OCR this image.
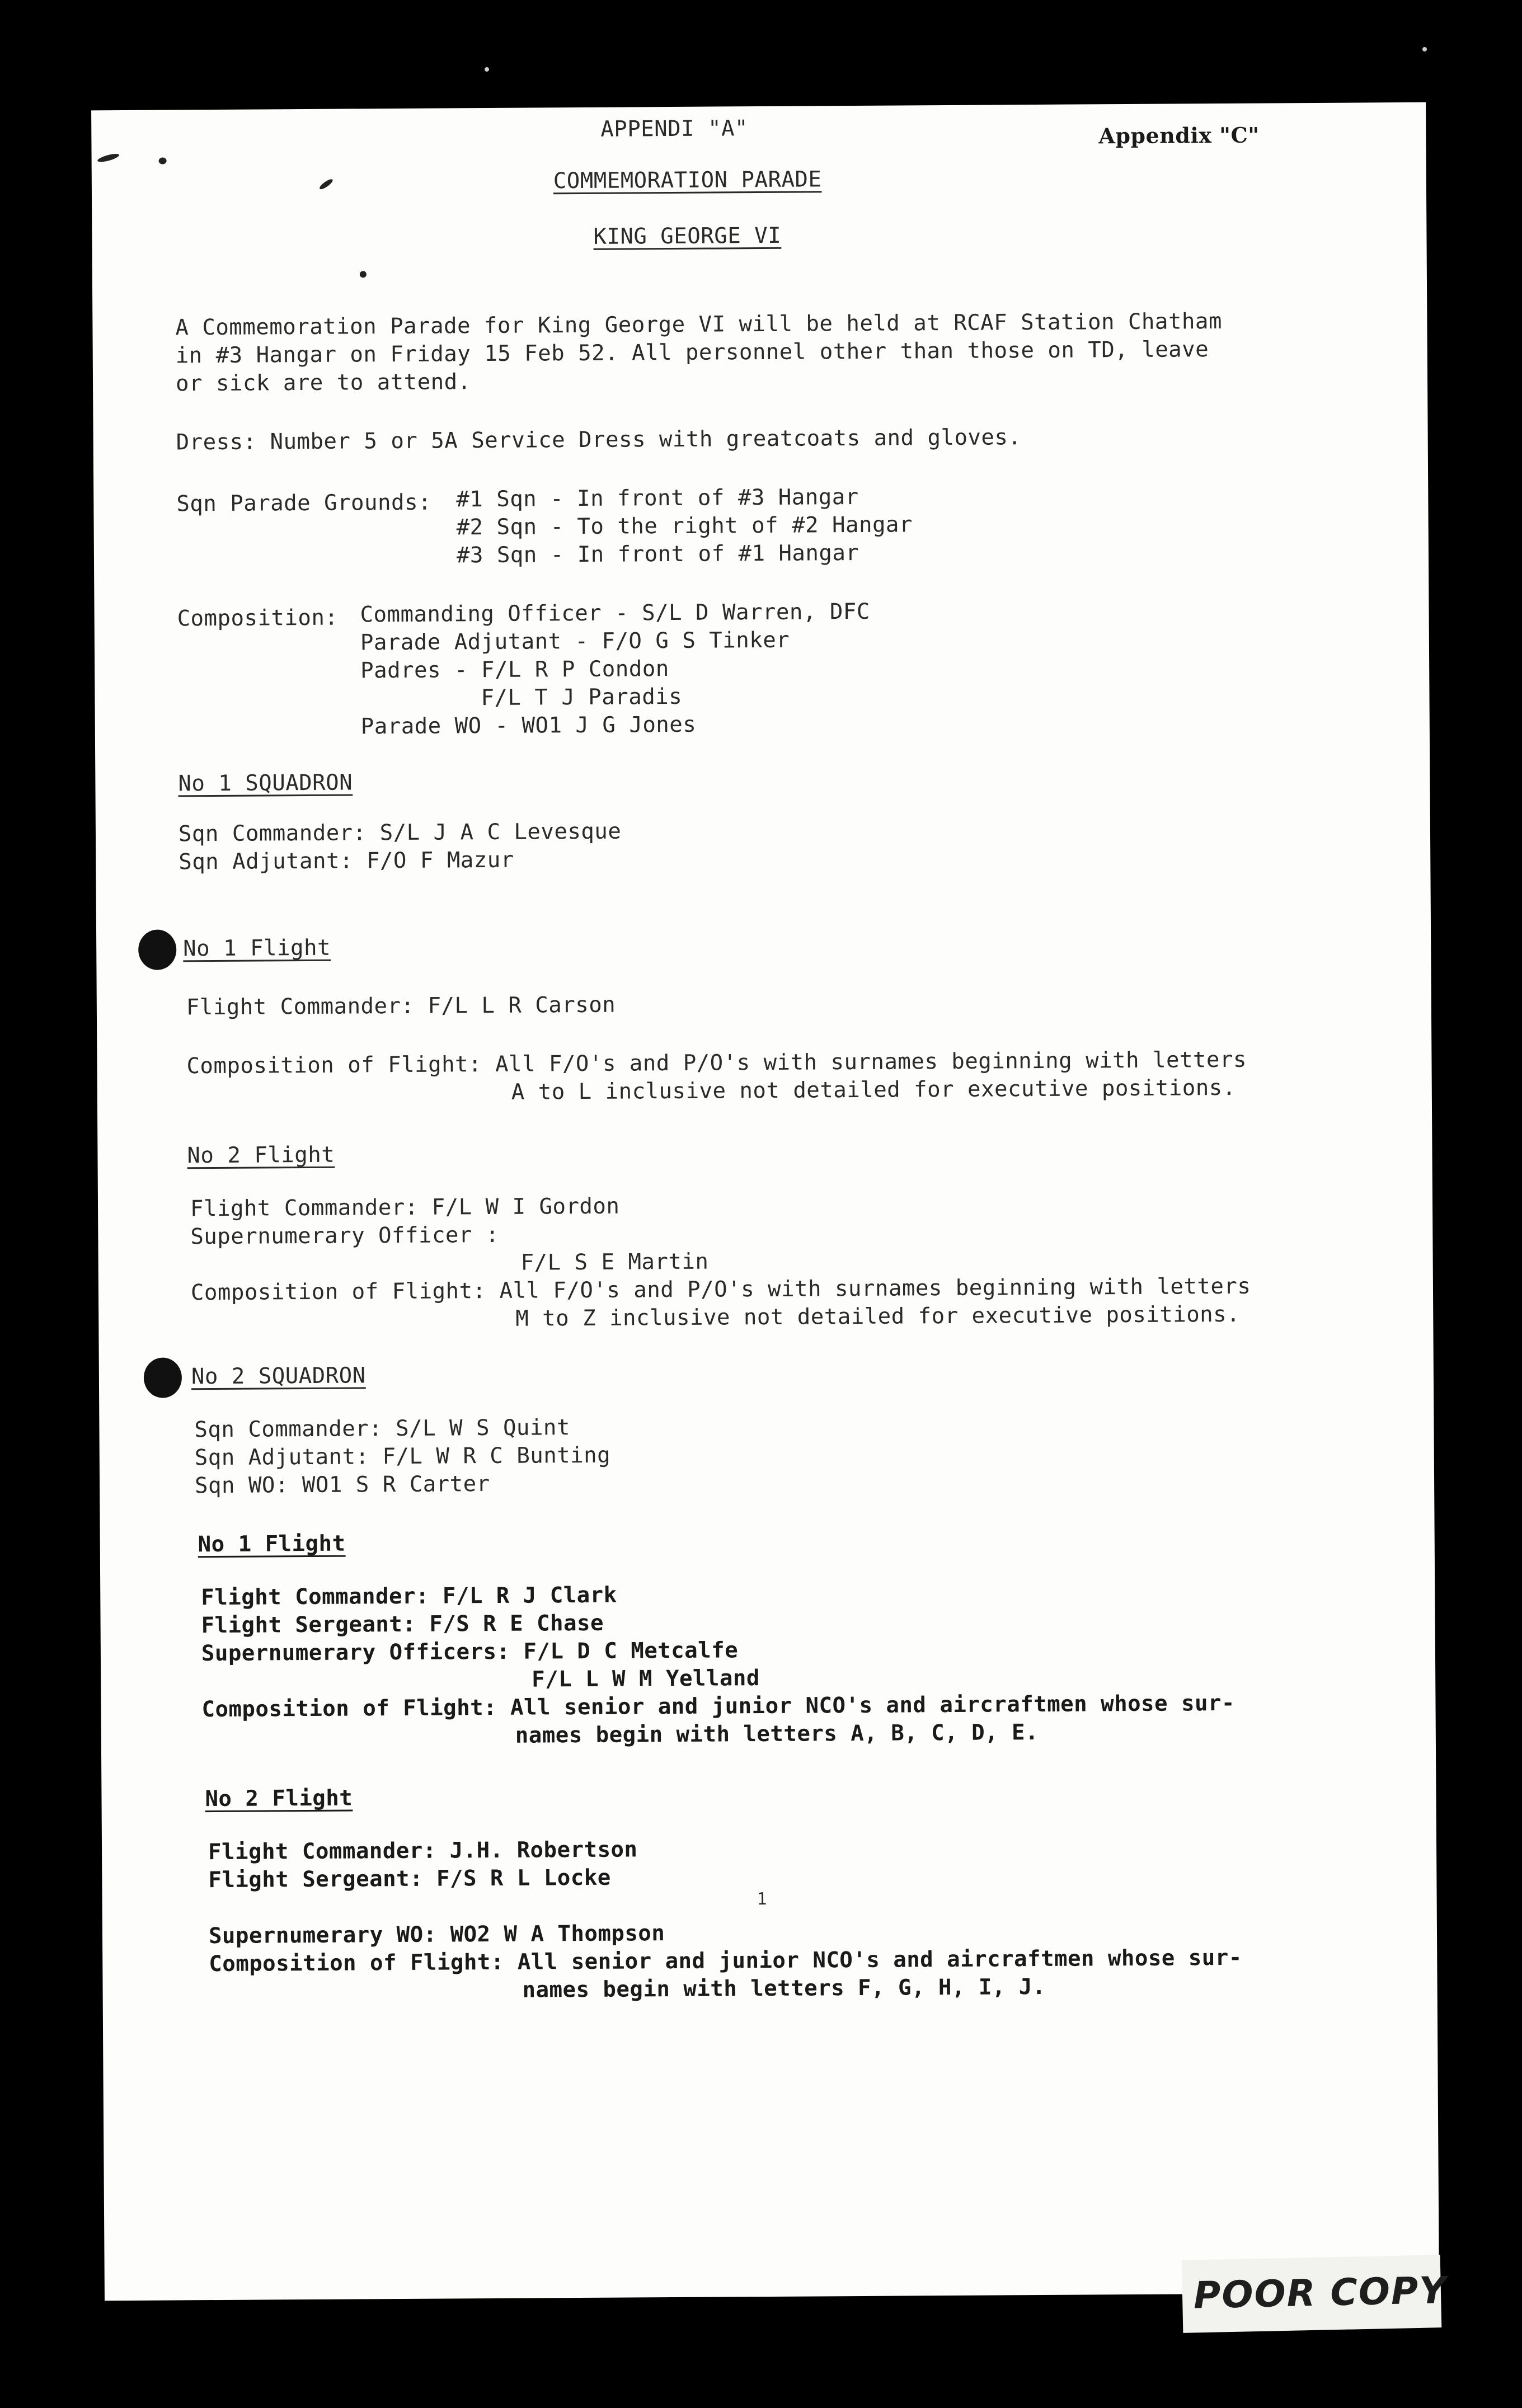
APPENDI "A"	Appendix "C"
COMMEMORATION PARADE
KING GEORGE VI
A Commemoration Parade for King George VI will be held at RCAF Station Chatham
in #3 Hangar on Friday 15 Feb 52. All personnel other than those on TD, leave
or sick are to attend.
Dress: Number 5 or 5A Service Dress with greatcoats and gloves.
Sqn Parade Grounds: #1 Sqn - In front of #3 Hangar
#2 Sqn - To the right of #2 Hangar
#3 Sqn - In front of #1 Hangar
Composition: Commanding Officer - S/L D Warren, DFC
Parade Adjutant - F/O G S Tinker
Padres - F/L R P Condon
F/L T J Paradis
Parade WO - WO1 J G Jones
No 1 SQUADRON
Sqn Commander: S/L J A C Levesque
Sqn Adjutant: F/O F Mazur
No 1 Flight
Flight Commander: F/L L R Carson
Composition of Flight: All F/O's and P/O's with surnames beginning with letters
A to L inclusive not detailed for executive positions.
No 2 Flight
Flight Commander: F/L W I Gordon
Supernumerary Officer :
F/L S E Martin
Composition of Flight: All F/O's and P/O's with surnames beginning with letters
M to Z inclusive not detailed for executive positions.
No 2 SQUADRON
Sqn Commander: S/L W S Quint
Sqn Adjutant: F/L W R C Bunting
Sqn WO: WO1 S R Carter
No 1 Flight
Flight Commander: F/L R J Clark
Flight Sergeant: F/S R E Chase
Supernumerary Officers: F/L D C Metcalfe
F/L L W M Yelland
Composition of Flight: All senior and junior NCO's and aircraftmen whose sur-
names begin with letters A, B, C, D, E.
No 2 Flight
Flight Commander: J.H. Robertson
Flight Sergeant: F/S R L Locke
1
Supernumerary WO: WO2 W A Thompson
Composition of Flight: All senior and junior NCO's and aircraftmen whose sur-
names begin with letters F, G, H, I, J.
POOR COPY
